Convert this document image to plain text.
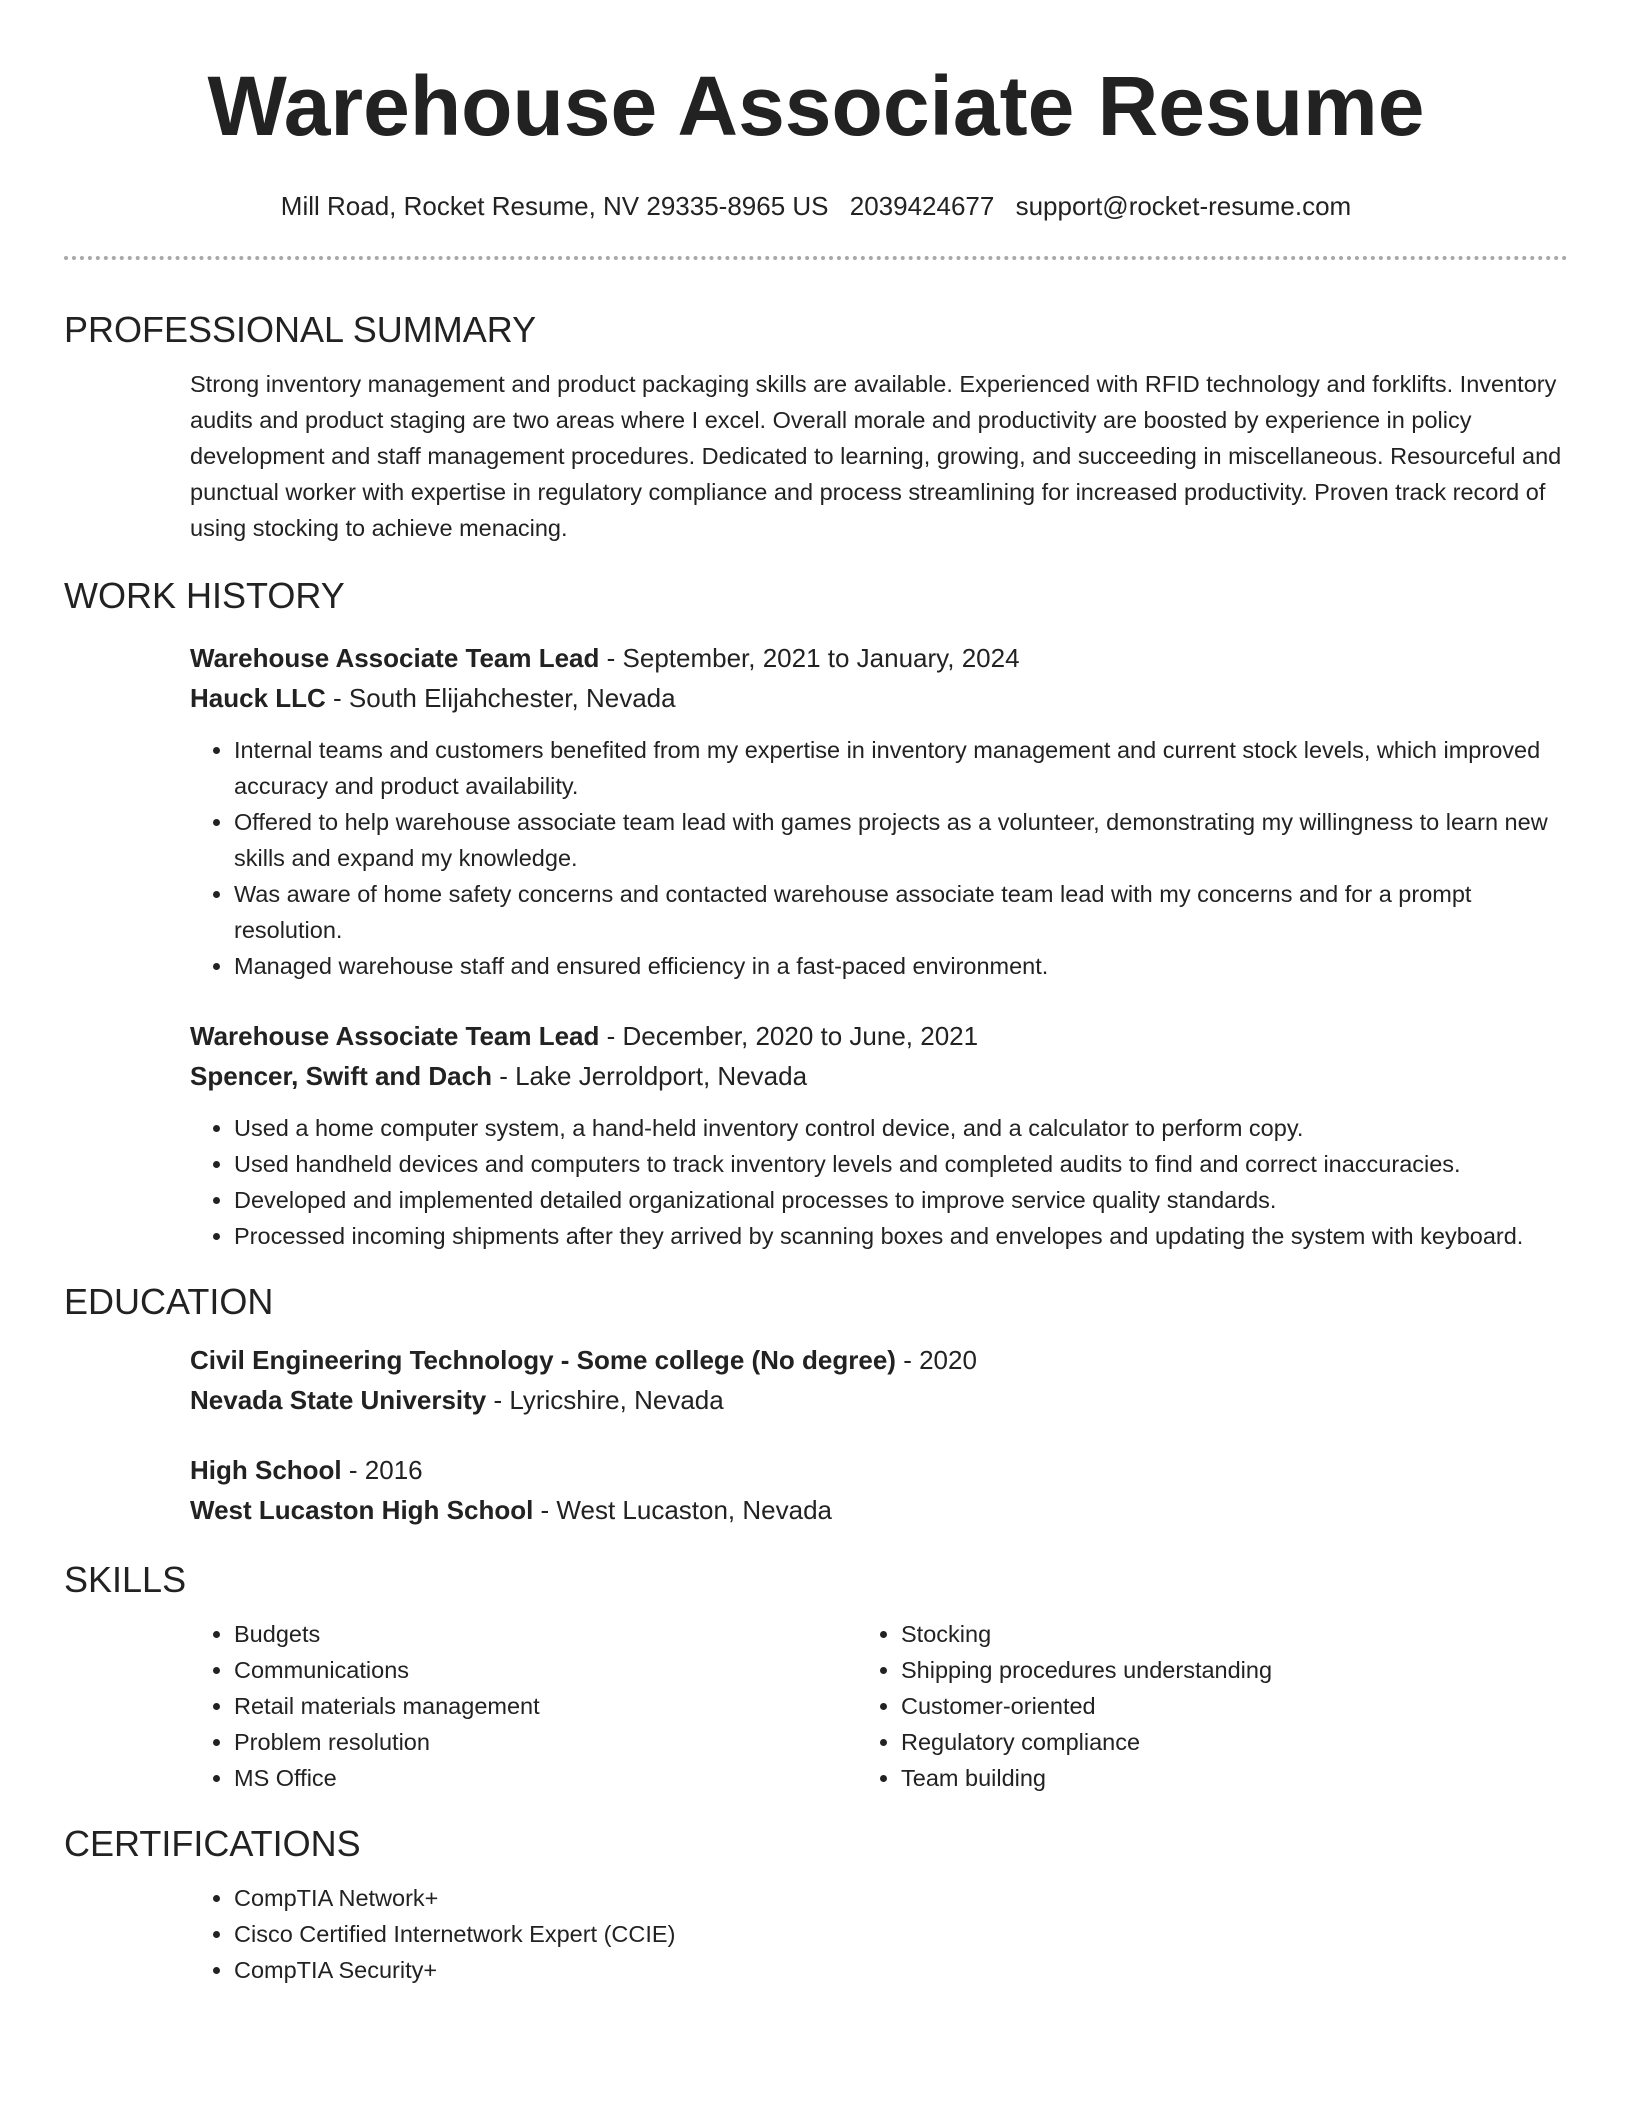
Warehouse Associate Resume
Mill Road, Rocket Resume, NV 29335-8965 US 2039424677 support@rocket-resume.com
PROFESSIONAL SUMMARY

Strong inventory management and product packaging skills are available. Experienced with RFID technology and forklifts. Inventory audits and product staging are two areas where I excel. Overall morale and productivity are boosted by experience in policy development and staff management procedures. Dedicated to learning, growing, and succeeding in miscellaneous. Resourceful and punctual worker with expertise in regulatory compliance and process streamlining for increased productivity. Proven track record of using stocking to achieve menacing.

WORK HISTORY

Warehouse Associate Team Lead - September, 2021 to January, 2024

Hauck LLC - South Elijahchester, Nevada

• Internal teams and customers benefited from my expertise in inventory management and current stock levels, which improved accuracy and product availability.
• Offered to help warehouse associate team lead with games projects as a volunteer, demonstrating my willingness to learn new skills and expand my knowledge.
• Was aware of home safety concerns and contacted warehouse associate team lead with my concerns and for a prompt resolution.
• Managed warehouse staff and ensured efficiency in a fast-paced environment.

Warehouse Associate Team Lead - December, 2020 to June, 2021

Spencer, Swift and Dach - Lake Jerroldport, Nevada

• Used a home computer system, a hand-held inventory control device, and a calculator to perform copy.
• Used handheld devices and computers to track inventory levels and completed audits to find and correct inaccuracies.
• Developed and implemented detailed organizational processes to improve service quality standards.
• Processed incoming shipments after they arrived by scanning boxes and envelopes and updating the system with keyboard.
EDUCATION

Civil Engineering Technology - Some college (No degree) - 2020

Nevada State University - Lyricshire, Nevada

High School - 2016

West Lucaston High School - West Lucaston, Nevada

SKILLS
• Budgets
• Communications
• Retail materials management
• Problem resolution
• MS Office
• Stocking
• Shipping procedures understanding
• Customer-oriented
• Regulatory compliance
• Team building
CERTIFICATIONS
• CompTIA Network+
• Cisco Certified Internetwork Expert (CCIE)
• CompTIA Security+
